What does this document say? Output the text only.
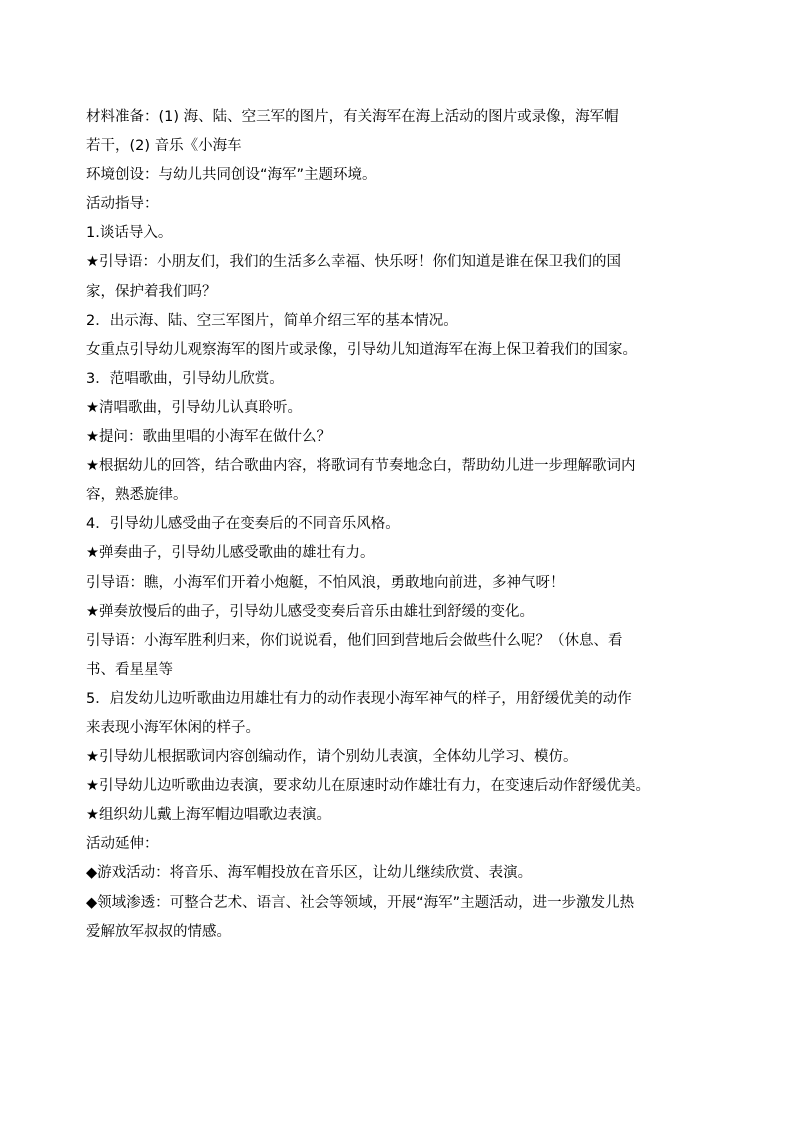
材料准备：(1) 海、陆、空三军的图片，有关海军在海上活动的图片或录像，海军帽
若干，(2) 音乐《小海车
环境创设：与幼儿共同创设“海军”主题环境。
活动指导：
1.谈话导入。
★引导语：小朋友们，我们的生活多么幸福、快乐呀！你们知道是谁在保卫我们的国
家，保护着我们吗？
2．出示海、陆、空三军图片，简单介绍三军的基本情况。
女重点引导幼儿观察海军的图片或录像，引导幼儿知道海军在海上保卫着我们的国家。
3．范唱歌曲，引导幼儿欣赏。
★清唱歌曲，引导幼儿认真聆听。
★提问：歌曲里唱的小海军在做什么？
★根据幼儿的回答，结合歌曲内容，将歌词有节奏地念白，帮助幼儿进一步理解歌词内
容，熟悉旋律。
4．引导幼儿感受曲子在变奏后的不同音乐风格。
★弹奏曲子，引导幼儿感受歌曲的雄壮有力。
引导语：瞧，小海军们开着小炮艇，不怕风浪，勇敢地向前进，多神气呀！
★弹奏放慢后的曲子，引导幼儿感受变奏后音乐由雄壮到舒缓的变化。
引导语：小海军胜利归来，你们说说看，他们回到营地后会做些什么呢？（休息、看
书、看星星等
5．启发幼儿边听歌曲边用雄壮有力的动作表现小海军神气的样子，用舒缓优美的动作
来表现小海军休闲的样子。
★引导幼儿根据歌词内容创编动作，请个别幼儿表演，全体幼儿学习、模仿。
★引导幼儿边听歌曲边表演，要求幼儿在原速时动作雄壮有力，在变速后动作舒缓优美。
★组织幼儿戴上海军帽边唱歌边表演。
活动延伸：
◆游戏活动：将音乐、海军帽投放在音乐区，让幼儿继续欣赏、表演。
◆领域渗透：可整合艺术、语言、社会等领域，开展“海军”主题活动，进一步激发儿热
爱解放军叔叔的情感。
